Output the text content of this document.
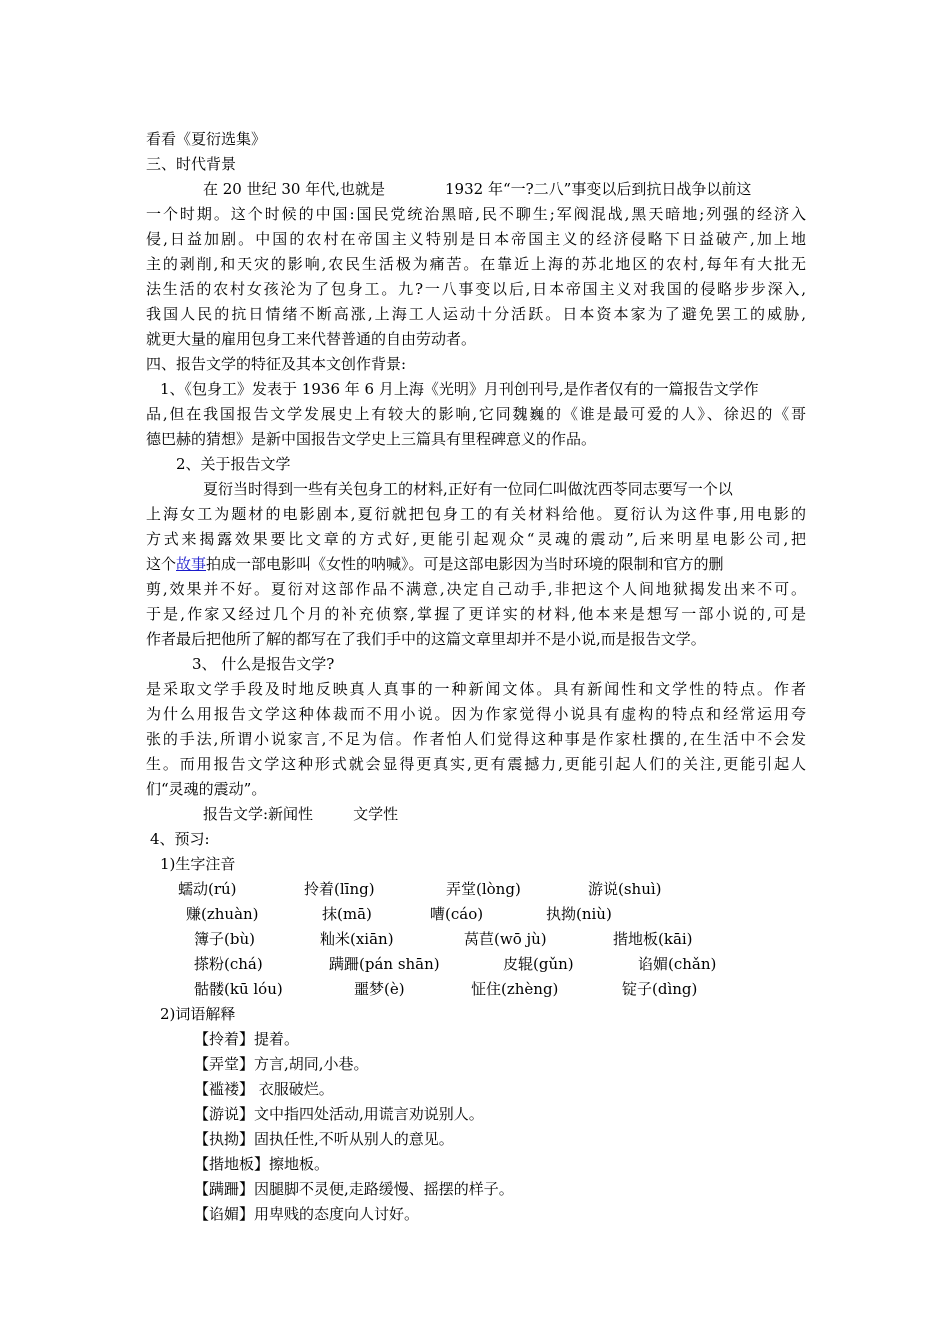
看看《夏衍选集》
三、时代背景
在 20 世纪 30 年代,也就是	1932 年“一?二八”事变以后到抗日战争以前这
一个时期。这个时候的中国:国民党统治黑暗,民不聊生;军阀混战,黑天暗地;列强的经济入
侵,日益加剧。中国的农村在帝国主义特别是日本帝国主义的经济侵略下日益破产,加上地
主的剥削,和天灾的影响,农民生活极为痛苦。在靠近上海的苏北地区的农村,每年有大批无
法生活的农村女孩沦为了包身工。九?一八事变以后,日本帝国主义对我国的侵略步步深入,
我国人民的抗日情绪不断高涨,上海工人运动十分活跃。日本资本家为了避免罢工的威胁,
就更大量的雇用包身工来代替普通的自由劳动者。
四、报告文学的特征及其本文创作背景:
1、《包身工》发表于 1936 年 6 月上海《光明》月刊创刊号,是作者仅有的一篇报告文学作
品,但在我国报告文学发展史上有较大的影响,它同魏巍的《谁是最可爱的人》、徐迟的《哥
德巴赫的猜想》是新中国报告文学史上三篇具有里程碑意义的作品。
2、关于报告文学
夏衍当时得到一些有关包身工的材料,正好有一位同仁叫做沈西苓同志要写一个以
上海女工为题材的电影剧本,夏衍就把包身工的有关材料给他。夏衍认为这件事,用电影的
方式来揭露效果要比文章的方式好,更能引起观众“灵魂的震动”,后来明星电影公司,把
这个故事拍成一部电影叫《女性的呐喊》。可是这部电影因为当时环境的限制和官方的删
剪,效果并不好。夏衍对这部作品不满意,决定自己动手,非把这个人间地狱揭发出来不可。
于是,作家又经过几个月的补充侦察,掌握了更详实的材料,他本来是想写一部小说的,可是
作者最后把他所了解的都写在了我们手中的这篇文章里却并不是小说,而是报告文学。
3、 什么是报告文学?
是采取文学手段及时地反映真人真事的一种新闻文体。具有新闻性和文学性的特点。作者
为什么用报告文学这种体裁而不用小说。因为作家觉得小说具有虚构的特点和经常运用夸
张的手法,所谓小说家言,不足为信。作者怕人们觉得这种事是作家杜撰的,在生活中不会发
生。而用报告文学这种形式就会显得更真实,更有震撼力,更能引起人们的关注,更能引起人
们“灵魂的震动”。
报告文学:新闻性	文学性
4、预习:
1)生字注音
蠕动(rú)	拎着(līng)	弄堂(lòng)	游说(shuì)
赚(zhuàn)	抹(mā)	嘈(cáo)	执拗(niù)
簿子(bù)	籼米(xiān)	莴苣(wō jù)	揩地板(kāi)
搽粉(chá)	蹒跚(pán shān)	皮辊(gǔn)	谄媚(chǎn)
骷髅(kū lóu)	噩梦(è)	怔住(zhèng)	锭子(dìng)
2)词语解释
【拎着】提着。
【弄堂】方言,胡同,小巷。
【褴褛】 衣服破烂。
【游说】文中指四处活动,用谎言劝说别人。
【执拗】固执任性,不听从别人的意见。
【揩地板】擦地板。
【蹒跚】因腿脚不灵便,走路缓慢、摇摆的样子。
【谄媚】用卑贱的态度向人讨好。
